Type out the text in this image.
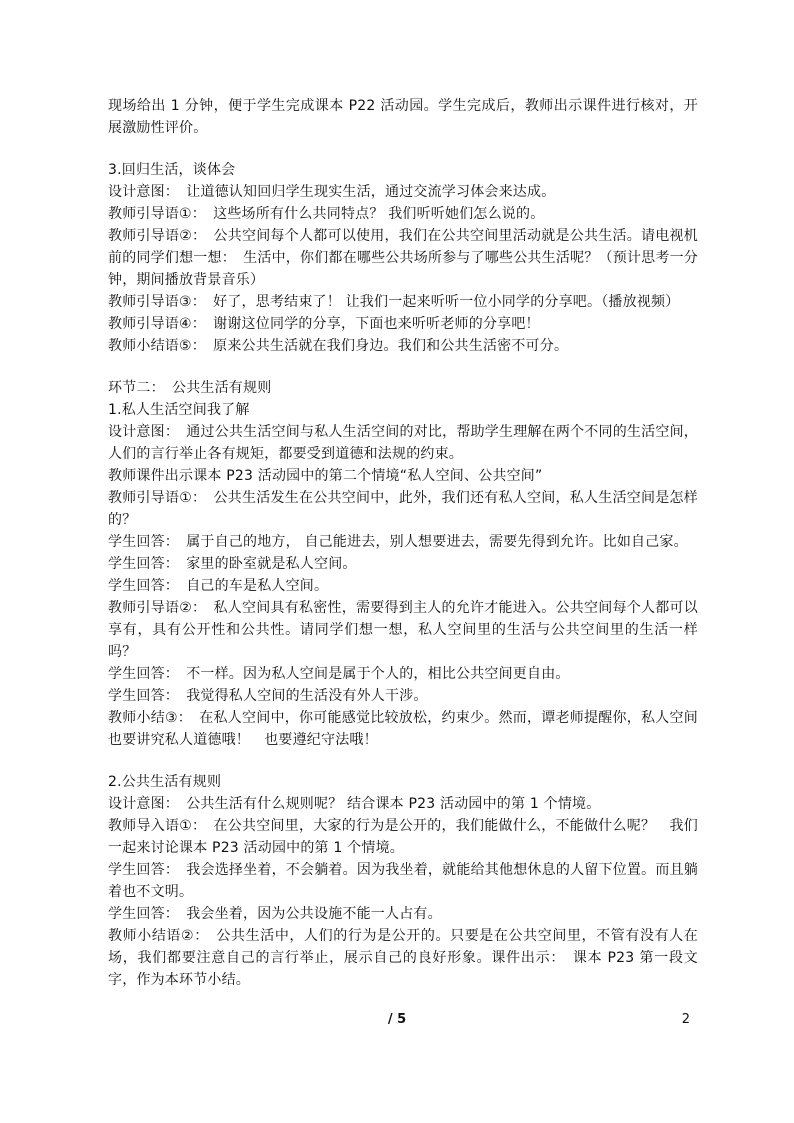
现场给出 1 分钟，便于学生完成课本 P22 活动园。学生完成后，教师出示课件进行核对，开展激励性评价。

3.回归生活，谈体会

设计意图：　让道德认知回归学生现实生活，通过交流学习体会来达成。

教师引导语①：　这些场所有什么共同特点？ 我们听听她们怎么说的。

教师引导语②：　公共空间每个人都可以使用，我们在公共空间里活动就是公共生活。请电视机前的同学们想一想：　生活中，你们都在哪些公共场所参与了哪些公共生活呢？（预计思考一分钟，期间播放背景音乐）

教师引导语③：　好了，思考结束了！ 让我们一起来听听一位小同学的分享吧。（播放视频）

教师引导语④：　谢谢这位同学的分享，下面也来听听老师的分享吧！

教师小结语⑤：　原来公共生活就在我们身边。我们和公共生活密不可分。

环节二：　公共生活有规则

1.私人生活空间我了解

设计意图：　通过公共生活空间与私人生活空间的对比，帮助学生理解在两个不同的生活空间，人们的言行举止各有规矩，都要受到道德和法规的约束。

教师课件出示课本 P23 活动园中的第二个情境“私人空间、公共空间”

教师引导语①：　公共生活发生在公共空间中，此外，我们还有私人空间，私人生活空间是怎样的？

学生回答：　属于自己的地方， 自己能进去，别人想要进去，需要先得到允许。比如自己家。

学生回答：　家里的卧室就是私人空间。

学生回答：　自己的车是私人空间。

教师引导语②：　私人空间具有私密性，需要得到主人的允许才能进入。公共空间每个人都可以享有，具有公开性和公共性。请同学们想一想，私人空间里的生活与公共空间里的生活一样吗？

学生回答：　不一样。因为私人空间是属于个人的，相比公共空间更自由。

学生回答：　我觉得私人空间的生活没有外人干涉。

教师小结③：　在私人空间中，你可能感觉比较放松，约束少。然而，谭老师提醒你，私人空间也要讲究私人道德哦！　也要遵纪守法哦！

2.公共生活有规则

设计意图：　公共生活有什么规则呢？ 结合课本 P23 活动园中的第 1 个情境。

教师导入语①：　在公共空间里，大家的行为是公开的，我们能做什么，不能做什么呢？　我们一起来讨论课本 P23 活动园中的第 1 个情境。

学生回答：　我会选择坐着，不会躺着。因为我坐着，就能给其他想休息的人留下位置。而且躺着也不文明。

学生回答：　我会坐着，因为公共设施不能一人占有。

教师小结语②：　公共生活中，人们的行为是公开的。只要是在公共空间里，不管有没有人在场，我们都要注意自己的言行举止，展示自己的良好形象。课件出示：　课本 P23 第一段文字，作为本环节小结。

/ 5	2
